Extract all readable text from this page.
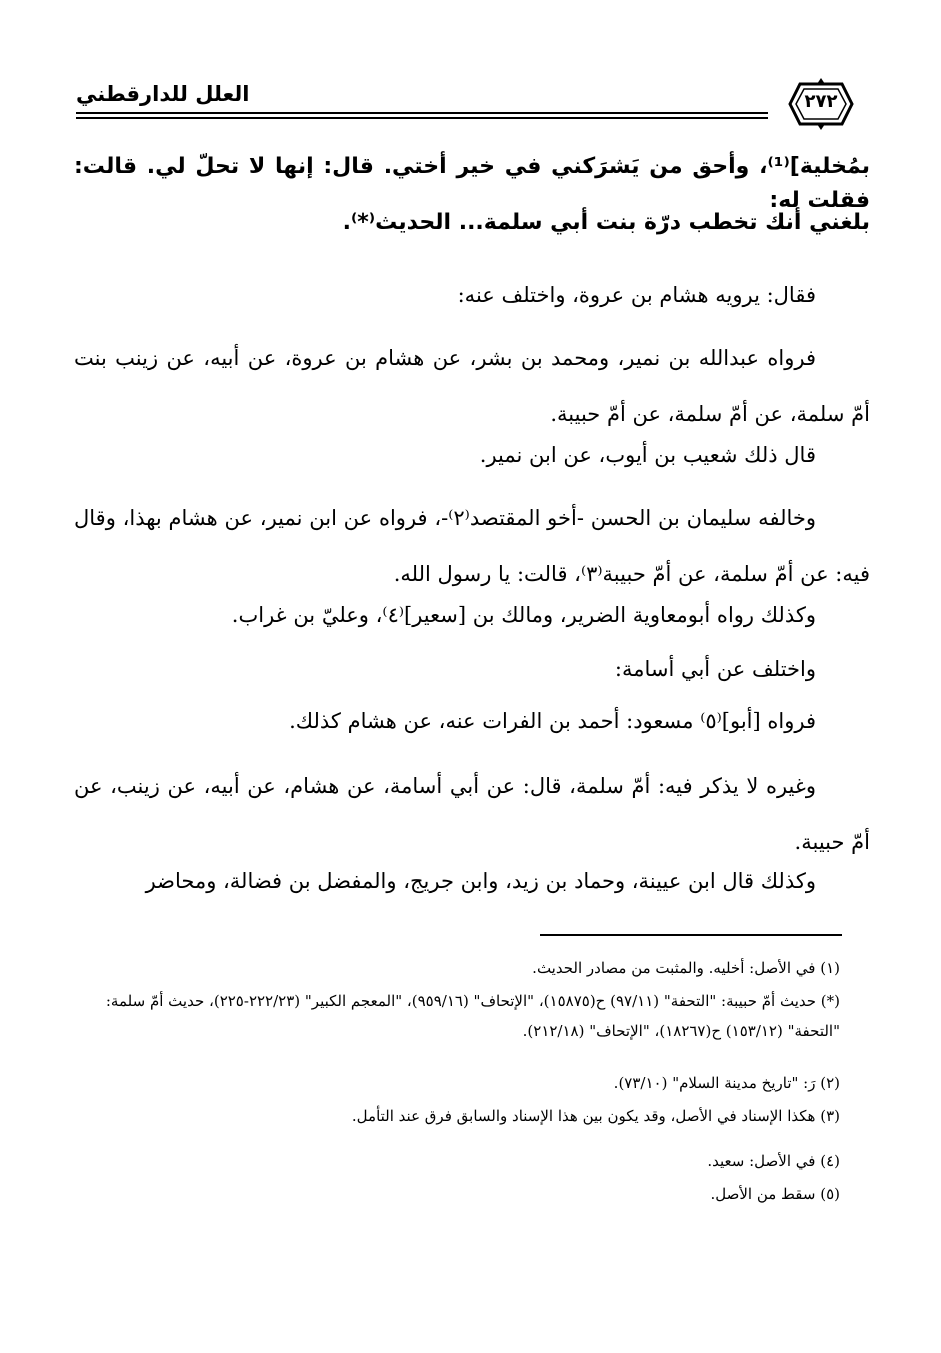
العلل للدارقطني	٢٧٢
بمُخلية]⁽¹⁾، وأحق من يَشرَكني في خير أختي. قال: إنها لا تحلّ لي. قالت: فقلت له:
بلغني أنك تخطب درّة بنت أبي سلمة... الحديث⁽*⁾.
فقال: يرويه هشام بن عروة، واختلف عنه:
فرواه عبدالله بن نمير، ومحمد بن بشر، عن هشام بن عروة، عن أبيه، عن زينب بنت أمّ سلمة، عن أمّ سلمة، عن أمّ حبيبة.
قال ذلك شعيب بن أيوب، عن ابن نمير.
وخالفه سليمان بن الحسن -أخو المقتصد⁽٢⁾-، فرواه عن ابن نمير، عن هشام بهذا، وقال فيه: عن أمّ سلمة، عن أمّ حبيبة⁽٣⁾، قالت: يا رسول الله.
وكذلك رواه أبومعاوية الضرير، ومالك بن [سعير]⁽٤⁾، وعليّ بن غراب.
واختلف عن أبي أسامة:
فرواه [أبو]⁽٥⁾ مسعود: أحمد بن الفرات عنه، عن هشام كذلك.
وغيره لا يذكر فيه: أمّ سلمة، قال: عن أبي أسامة، عن هشام، عن أبيه، عن زينب، عن أمّ حبيبة.
وكذلك قال ابن عيينة، وحماد بن زيد، وابن جريج، والمفضل بن فضالة، ومحاضر
(١) في الأصل: أخليه. والمثبت من مصادر الحديث.
(*) حديث أمّ حبيبة: "التحفة" (٩٧/١١) ح(١٥٨٧٥)، "الإتحاف" (٩٥٩/١٦)، "المعجم الكبير" (٢٢٢/٢٣-٢٢٥)، حديث أمّ سلمة: "التحفة" (١٥٣/١٢) ح(١٨٢٦٧)، "الإتحاف" (٢١٢/١٨).
(٢) رَ: "تاريخ مدينة السلام" (٧٣/١٠).
(٣) هكذا الإسناد في الأصل، وقد يكون بين هذا الإسناد والسابق فرق عند التأمل.
(٤) في الأصل: سعيد.
(٥) سقط من الأصل.
